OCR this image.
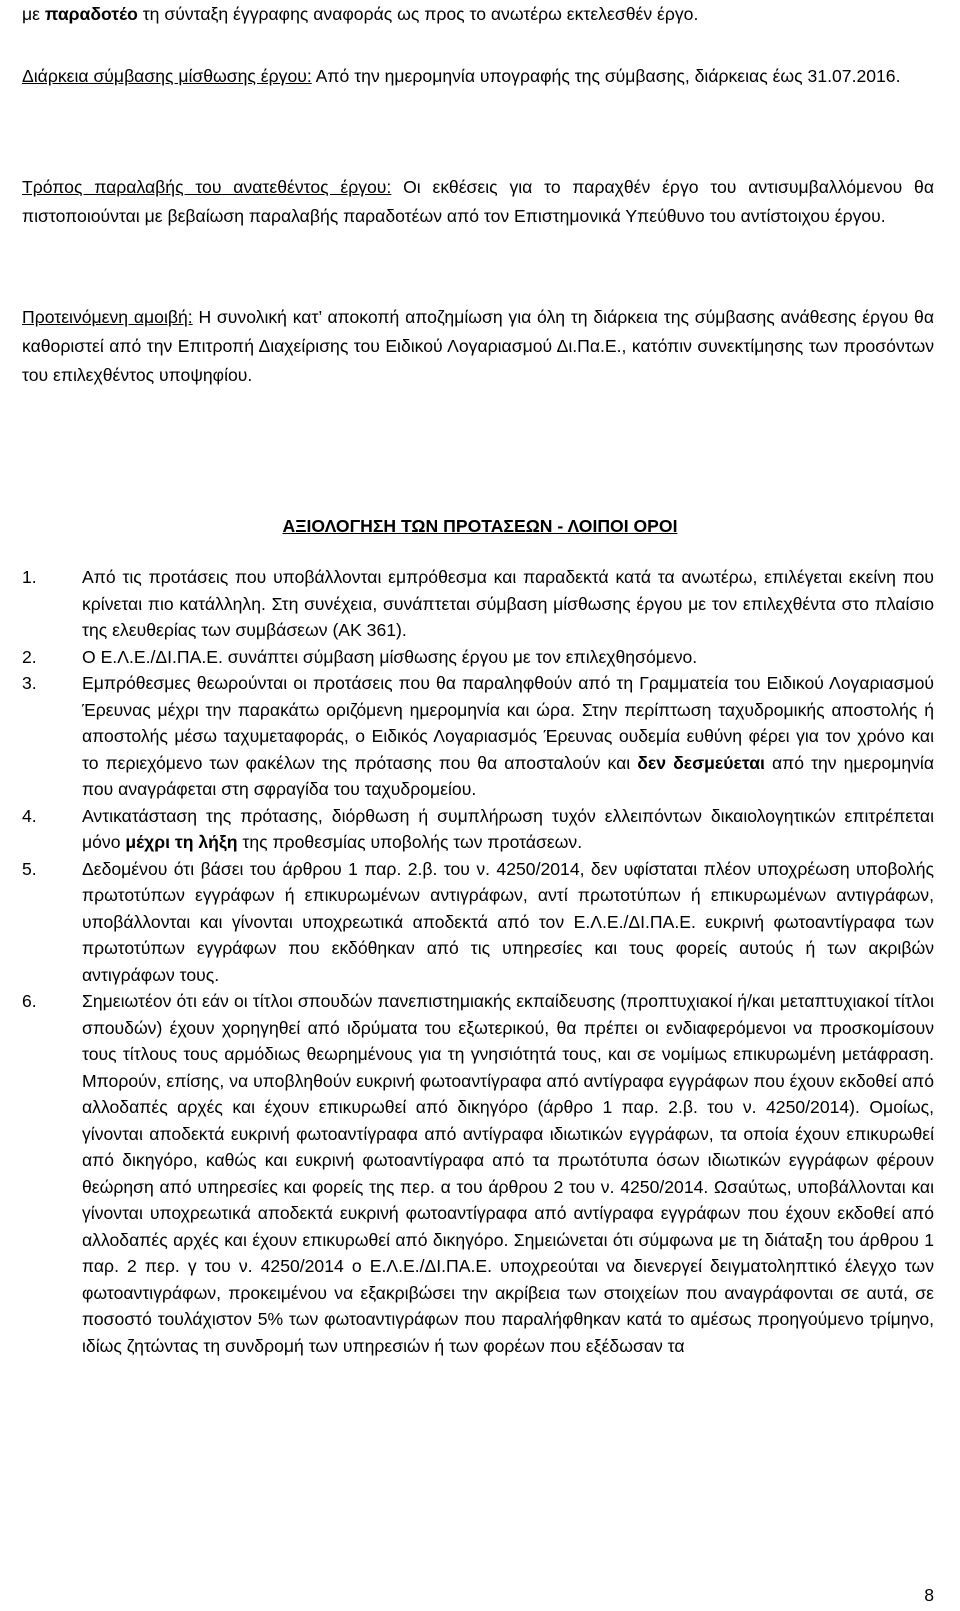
με παραδοτέο τη σύνταξη έγγραφης αναφοράς ως προς το ανωτέρω εκτελεσθέν έργο.

Διάρκεια σύμβασης μίσθωσης έργου: Από την ημερομηνία υπογραφής της σύμβασης, διάρκειας έως 31.07.2016.

Τρόπος παραλαβής του ανατεθέντος έργου: Οι εκθέσεις για το παραχθέν έργο του αντισυμβαλλόμενου θα πιστοποιούνται με βεβαίωση παραλαβής παραδοτέων από τον Επιστημονικά Υπεύθυνο του αντίστοιχου έργου.

Προτεινόμενη αμοιβή: Η συνολική κατ’ αποκοπή αποζημίωση για όλη τη διάρκεια της σύμβασης ανάθεσης έργου θα καθοριστεί από την Επιτροπή Διαχείρισης του Ειδικού Λογαριασμού Δι.Πα.Ε., κατόπιν συνεκτίμησης των προσόντων του επιλεχθέντος υποψηφίου.

ΑΞΙΟΛΟΓΗΣΗ ΤΩΝ ΠΡΟΤΑΣΕΩΝ - ΛΟΙΠΟΙ ΟΡΟΙ

1.	Από τις προτάσεις που υποβάλλονται εμπρόθεσμα και παραδεκτά κατά τα ανωτέρω, επιλέγεται εκείνη που κρίνεται πιο κατάλληλη. Στη συνέχεια, συνάπτεται σύμβαση μίσθωσης έργου με τον επιλεχθέντα στο πλαίσιο της ελευθερίας των συμβάσεων (ΑΚ 361).
2.	Ο Ε.Λ.Ε./ΔΙ.ΠΑ.Ε. συνάπτει σύμβαση μίσθωσης έργου με τον επιλεχθησόμενο.
3.	Εμπρόθεσμες θεωρούνται οι προτάσεις που θα παραληφθούν από τη Γραμματεία του Ειδικού Λογαριασμού Έρευνας μέχρι την παρακάτω οριζόμενη ημερομηνία και ώρα. Στην περίπτωση ταχυδρομικής αποστολής ή αποστολής μέσω ταχυμεταφοράς, ο Ειδικός Λογαριασμός Έρευνας ουδεμία ευθύνη φέρει για τον χρόνο και το περιεχόμενο των φακέλων της πρότασης που θα αποσταλούν και δεν δεσμεύεται από την ημερομηνία που αναγράφεται στη σφραγίδα του ταχυδρομείου.
4.	Αντικατάσταση της πρότασης, διόρθωση ή συμπλήρωση τυχόν ελλειπόντων δικαιολογητικών επιτρέπεται μόνο μέχρι τη λήξη της προθεσμίας υποβολής των προτάσεων.
5.	Δεδομένου ότι βάσει του άρθρου 1 παρ. 2.β. του ν. 4250/2014, δεν υφίσταται πλέον υποχρέωση υποβολής πρωτοτύπων εγγράφων ή επικυρωμένων αντιγράφων, αντί πρωτοτύπων ή επικυρωμένων αντιγράφων, υποβάλλονται και γίνονται υποχρεωτικά αποδεκτά από τον Ε.Λ.Ε./ΔΙ.ΠΑ.Ε. ευκρινή φωτοαντίγραφα των πρωτοτύπων εγγράφων που εκδόθηκαν από τις υπηρεσίες και τους φορείς αυτούς ή των ακριβών αντιγράφων τους.
6.	Σημειωτέον ότι εάν οι τίτλοι σπουδών πανεπιστημιακής εκπαίδευσης (προπτυχιακοί ή/και μεταπτυχιακοί τίτλοι σπουδών) έχουν χορηγηθεί από ιδρύματα του εξωτερικού, θα πρέπει οι ενδιαφερόμενοι να προσκομίσουν τους τίτλους τους αρμόδιως θεωρημένους για τη γνησιότητά τους, και σε νομίμως επικυρωμένη μετάφραση. Μπορούν, επίσης, να υποβληθούν ευκρινή φωτοαντίγραφα από αντίγραφα εγγράφων που έχουν εκδοθεί από αλλοδαπές αρχές και έχουν επικυρωθεί από δικηγόρο (άρθρο 1 παρ. 2.β. του ν. 4250/2014). Ομοίως, γίνονται αποδεκτά ευκρινή φωτοαντίγραφα από αντίγραφα ιδιωτικών εγγράφων, τα οποία έχουν επικυρωθεί από δικηγόρο, καθώς και ευκρινή φωτοαντίγραφα από τα πρωτότυπα όσων ιδιωτικών εγγράφων φέρουν θεώρηση από υπηρεσίες και φορείς της περ. α του άρθρου 2 του ν. 4250/2014. Ωσαύτως, υποβάλλονται και γίνονται υποχρεωτικά αποδεκτά ευκρινή φωτοαντίγραφα από αντίγραφα εγγράφων που έχουν εκδοθεί από αλλοδαπές αρχές και έχουν επικυρωθεί από δικηγόρο. Σημειώνεται ότι σύμφωνα με τη διάταξη του άρθρου 1 παρ. 2 περ. γ του ν. 4250/2014 ο Ε.Λ.Ε./ΔΙ.ΠΑ.Ε. υποχρεούται να διενεργεί δειγματοληπτικό έλεγχο των φωτοαντιγράφων, προκειμένου να εξακριβώσει την ακρίβεια των στοιχείων που αναγράφονται σε αυτά, σε ποσοστό τουλάχιστον 5% των φωτοαντιγράφων που παραλήφθηκαν κατά το αμέσως προηγούμενο τρίμηνο, ιδίως ζητώντας τη συνδρομή των υπηρεσιών ή των φορέων που εξέδωσαν τα
8
